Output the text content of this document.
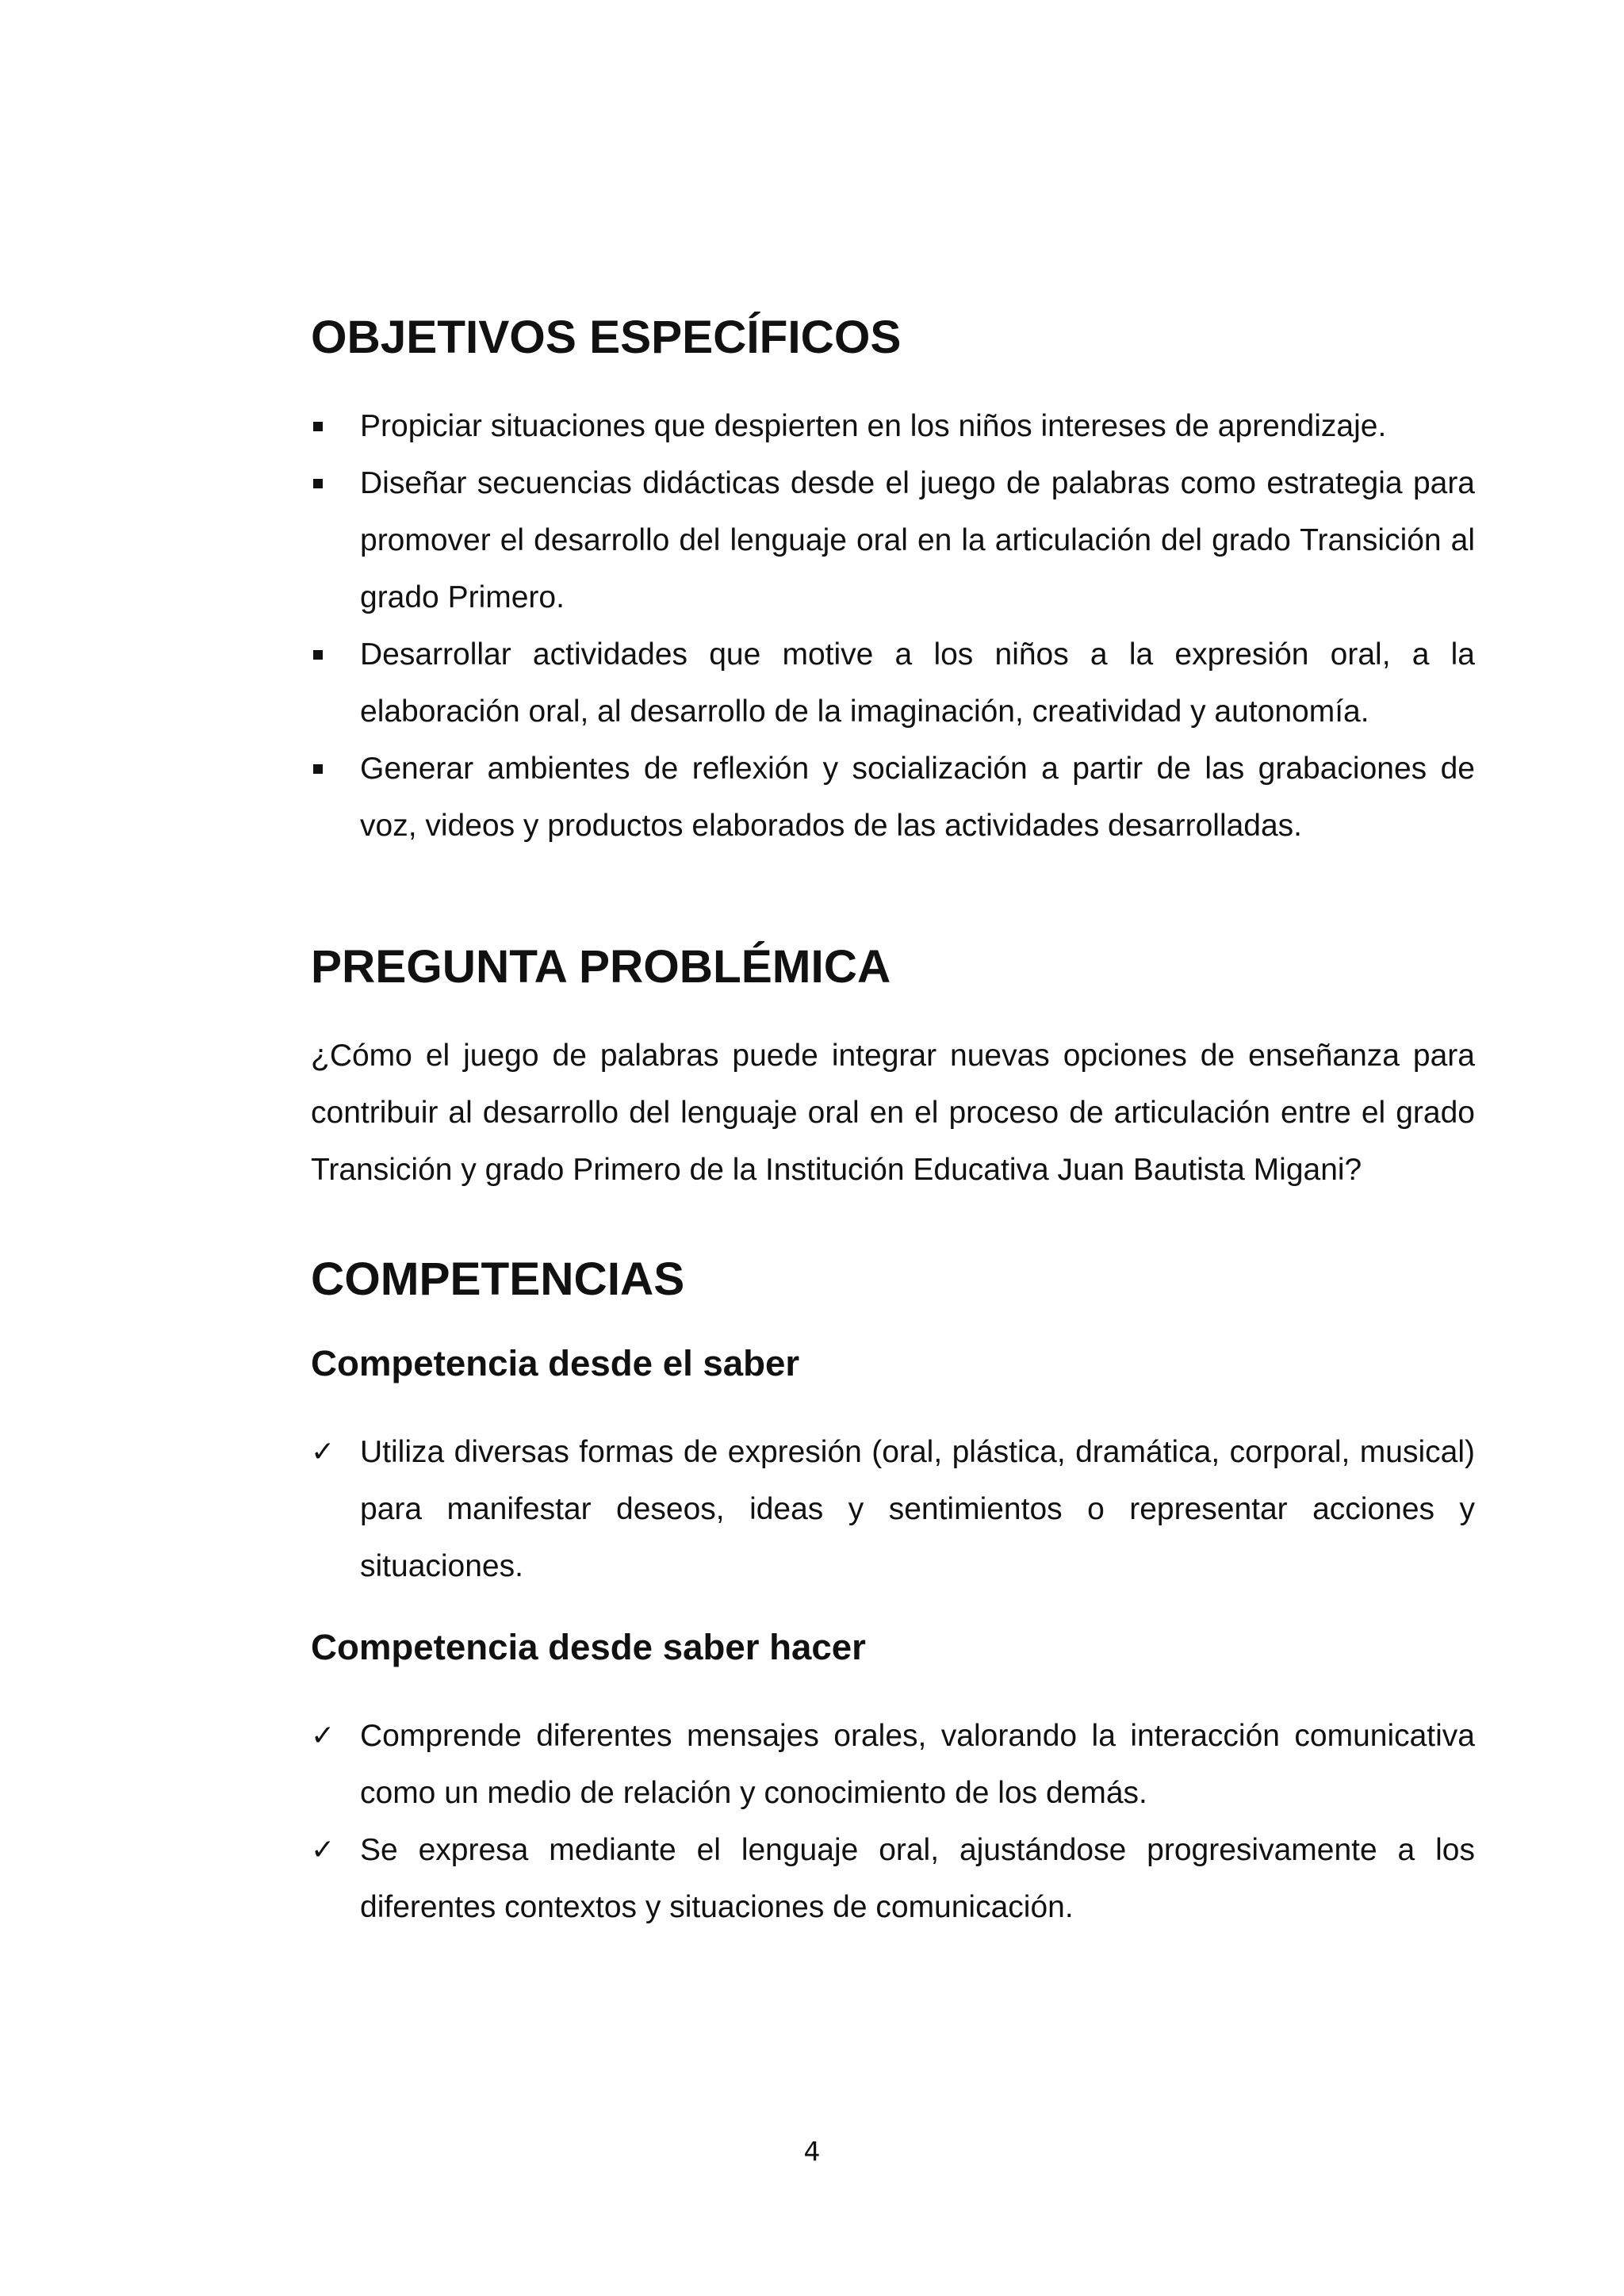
OBJETIVOS ESPECÍFICOS
Propiciar situaciones que despierten en los niños intereses de aprendizaje.
Diseñar secuencias didácticas desde el juego de palabras como estrategia para promover el desarrollo del lenguaje oral en la articulación del grado Transición al grado Primero.
Desarrollar actividades que motive a los niños a la expresión oral, a la elaboración oral, al desarrollo de la imaginación, creatividad y autonomía.
Generar ambientes de reflexión y socialización a partir de las grabaciones de voz, videos y productos elaborados de las actividades desarrolladas.
PREGUNTA PROBLÉMICA

¿Cómo el juego de palabras puede integrar nuevas opciones de enseñanza para contribuir al desarrollo del lenguaje oral en el proceso de articulación entre el grado Transición y grado Primero de la Institución Educativa Juan Bautista Migani?

COMPETENCIAS
Competencia desde el saber
✓ Utiliza diversas formas de expresión (oral, plástica, dramática, corporal, musical) para manifestar deseos, ideas y sentimientos o representar acciones y situaciones.
Competencia desde saber hacer
✓ Comprende diferentes mensajes orales, valorando la interacción comunicativa como un medio de relación y conocimiento de los demás.
✓ Se expresa mediante el lenguaje oral, ajustándose progresivamente a los diferentes contextos y situaciones de comunicación.
4
